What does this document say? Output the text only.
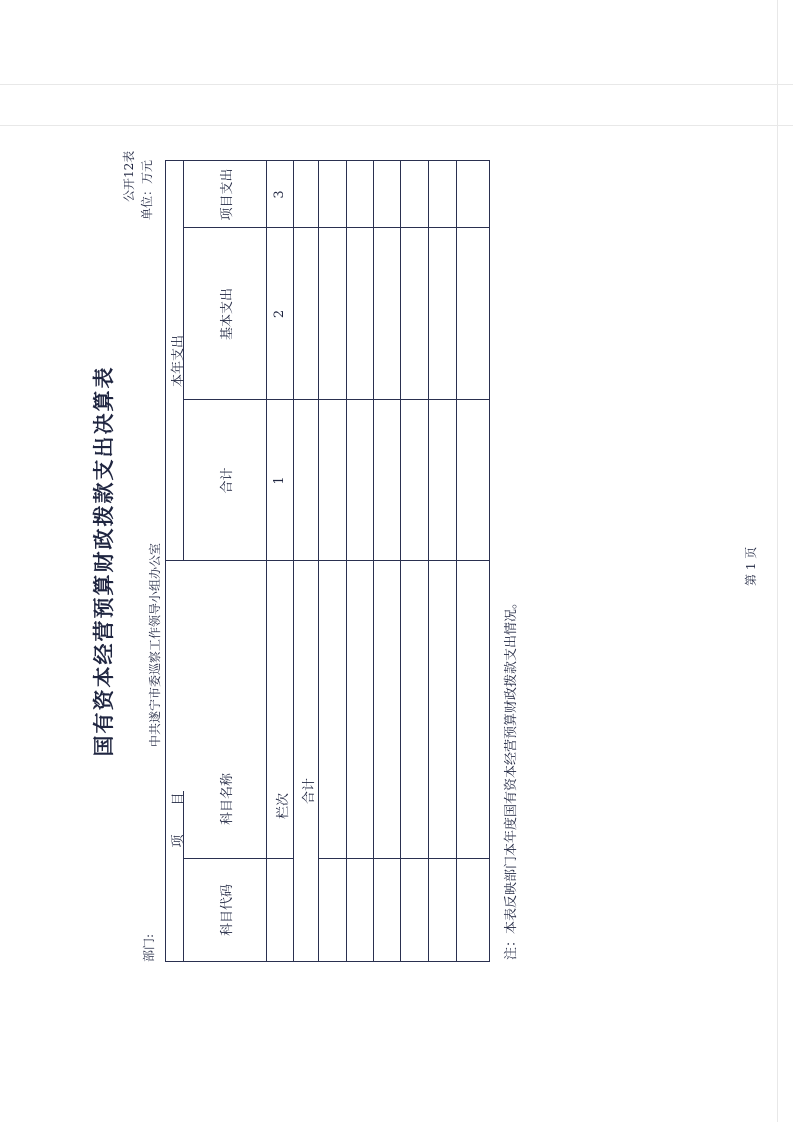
国有资本经营预算财政拨款支出决算表
部门:
中共遂宁市委巡察工作领导小组办公室
公开12表 单位：万元
项　目
本年支出
科目代码
科目名称
合计
基本支出
项目支出
栏次
1
2
3
合计	注：本表反映部门本年度国有资本经营预算财政拨款支出情况。
第 1 页
